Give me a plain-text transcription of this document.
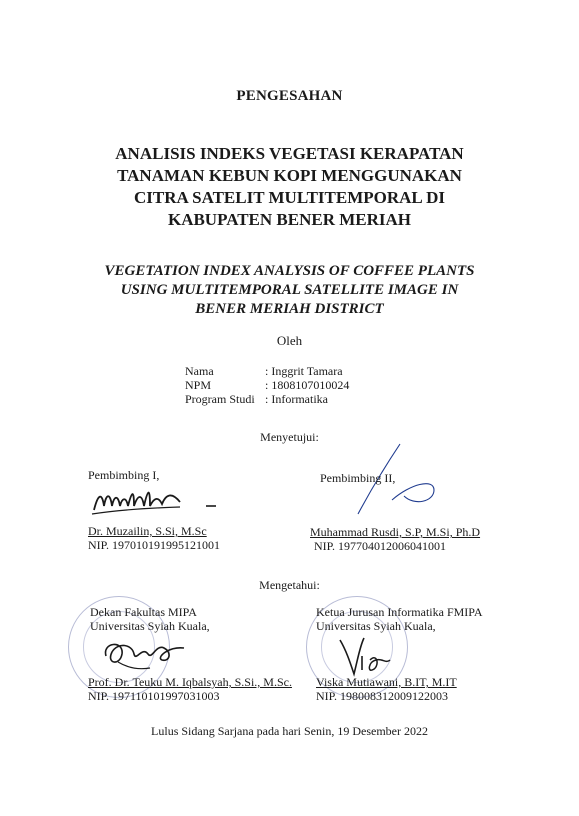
PENGESAHAN
ANALISIS INDEKS VEGETASI KERAPATAN
TANAMAN KEBUN KOPI MENGGUNAKAN
CITRA SATELIT MULTITEMPORAL DI
KABUPATEN BENER MERIAH
VEGETATION INDEX ANALYSIS OF COFFEE PLANTS
USING MULTITEMPORAL SATELLITE IMAGE IN
BENER MERIAH DISTRICT
Oleh
Nama	: Inggrit Tamara
NPM	: 1808107010024
Program Studi : Informatika
Menyetujui:
Pembimbing I,
Dr. Muzailin, S.Si, M.Sc
NIP. 197010191995121001
Pembimbing II,
Muhammad Rusdi, S.P, M.Si, Ph.D
NIP. 197704012006041001
Mengetahui:
Dekan Fakultas MIPA
Universitas Syiah Kuala,
Prof. Dr. Teuku M. Iqbalsyah, S.Si., M.Sc.
NIP. 197110101997031003
Ketua Jurusan Informatika FMIPA
Universitas Syiah Kuala,
Viska Mutiawani, B.IT, M.IT
NIP. 198008312009122003
Lulus Sidang Sarjana pada hari Senin, 19 Desember 2022
